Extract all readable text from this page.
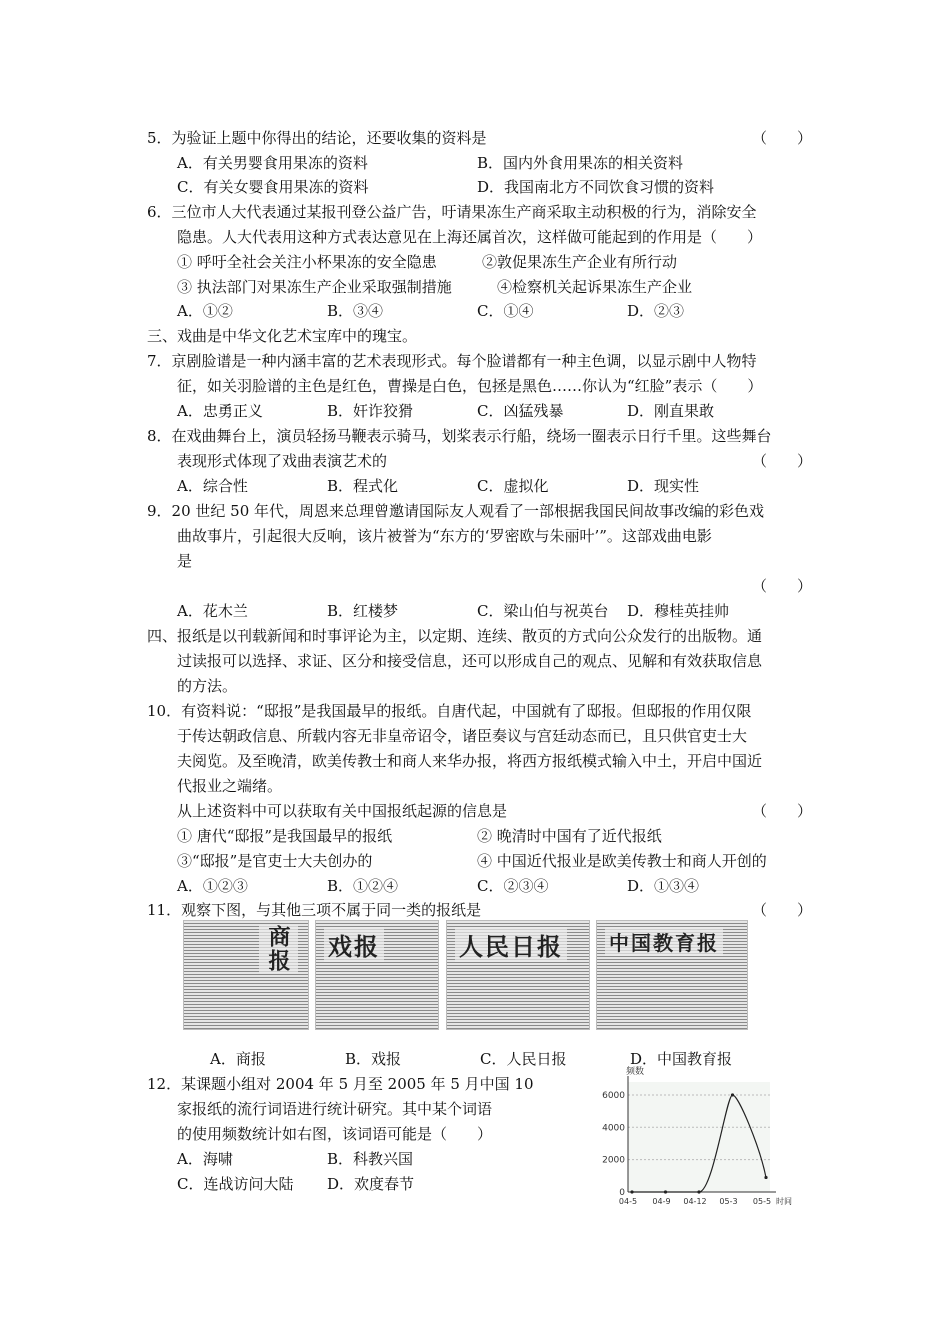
5．为验证上题中你得出的结论，还要收集的资料是	（　　）
A．有关男婴食用果冻的资料	B．国内外食用果冻的相关资料
C．有关女婴食用果冻的资料	D．我国南北方不同饮食习惯的资料
6．三位市人大代表通过某报刊登公益广告，吁请果冻生产商采取主动积极的行为，消除安全
隐患。人大代表用这种方式表达意见在上海还属首次，这样做可能起到的作用是（　　）
① 呼吁全社会关注小杯果冻的安全隐患	②敦促果冻生产企业有所行动
③ 执法部门对果冻生产企业采取强制措施	④检察机关起诉果冻生产企业
A．①②	B．③④	C．①④	D．②③
三、戏曲是中华文化艺术宝库中的瑰宝。
7．京剧脸谱是一种内涵丰富的艺术表现形式。每个脸谱都有一种主色调，以显示剧中人物特
征，如关羽脸谱的主色是红色，曹操是白色，包拯是黑色……你认为“红脸”表示（　　）
A．忠勇正义	B．奸诈狡猾	C．凶猛残暴	D．刚直果敢
8．在戏曲舞台上，演员轻扬马鞭表示骑马，划桨表示行船，绕场一圈表示日行千里。这些舞台
表现形式体现了戏曲表演艺术的	（　　）
A．综合性	B．程式化	C．虚拟化	D．现实性
9．20 世纪 50 年代，周恩来总理曾邀请国际友人观看了一部根据我国民间故事改编的彩色戏
曲故事片，引起很大反响，该片被誉为“东方的‘罗密欧与朱丽叶’”。这部戏曲电影
是
（　　）
A．花木兰	B．红楼梦	C．梁山伯与祝英台 D．穆桂英挂帅
四、报纸是以刊载新闻和时事评论为主，以定期、连续、散页的方式向公众发行的出版物。通
过读报可以选择、求证、区分和接受信息，还可以形成自己的观点、见解和有效获取信息
的方法。
10．有资料说：“邸报”是我国最早的报纸。自唐代起，中国就有了邸报。但邸报的作用仅限
于传达朝政信息、所载内容无非皇帝诏令，诸臣奏议与宫廷动态而已，且只供官吏士大
夫阅览。及至晚清，欧美传教士和商人来华办报，将西方报纸模式输入中土，开启中国近
代报业之端绪。
从上述资料中可以获取有关中国报纸起源的信息是	（　　）
① 唐代“邸报”是我国最早的报纸	② 晚清时中国有了近代报纸
③“邸报”是官吏士大夫创办的	④ 中国近代报业是欧美传教士和商人开创的
A．①②③	B．①②④	C．②③④	D．①③④
11．观察下图，与其他三项不属于同一类的报纸是	（　　）
商报 戏报	人民日报 中国教育报
A．商报	B．戏报	C．人民日报	D．中国教育报
12．某课题小组对 2004 年 5 月至 2005 年 5 月中国 10
家报纸的流行词语进行统计研究。其中某个词语
的使用频数统计如右图，该词语可能是（　　）
A．海啸	B．科教兴国
C．连战访问大陆 D．欢度春节	0
2000
4000
6000
频数
04-5 04-9 04-12 05-3 05-5 时间
